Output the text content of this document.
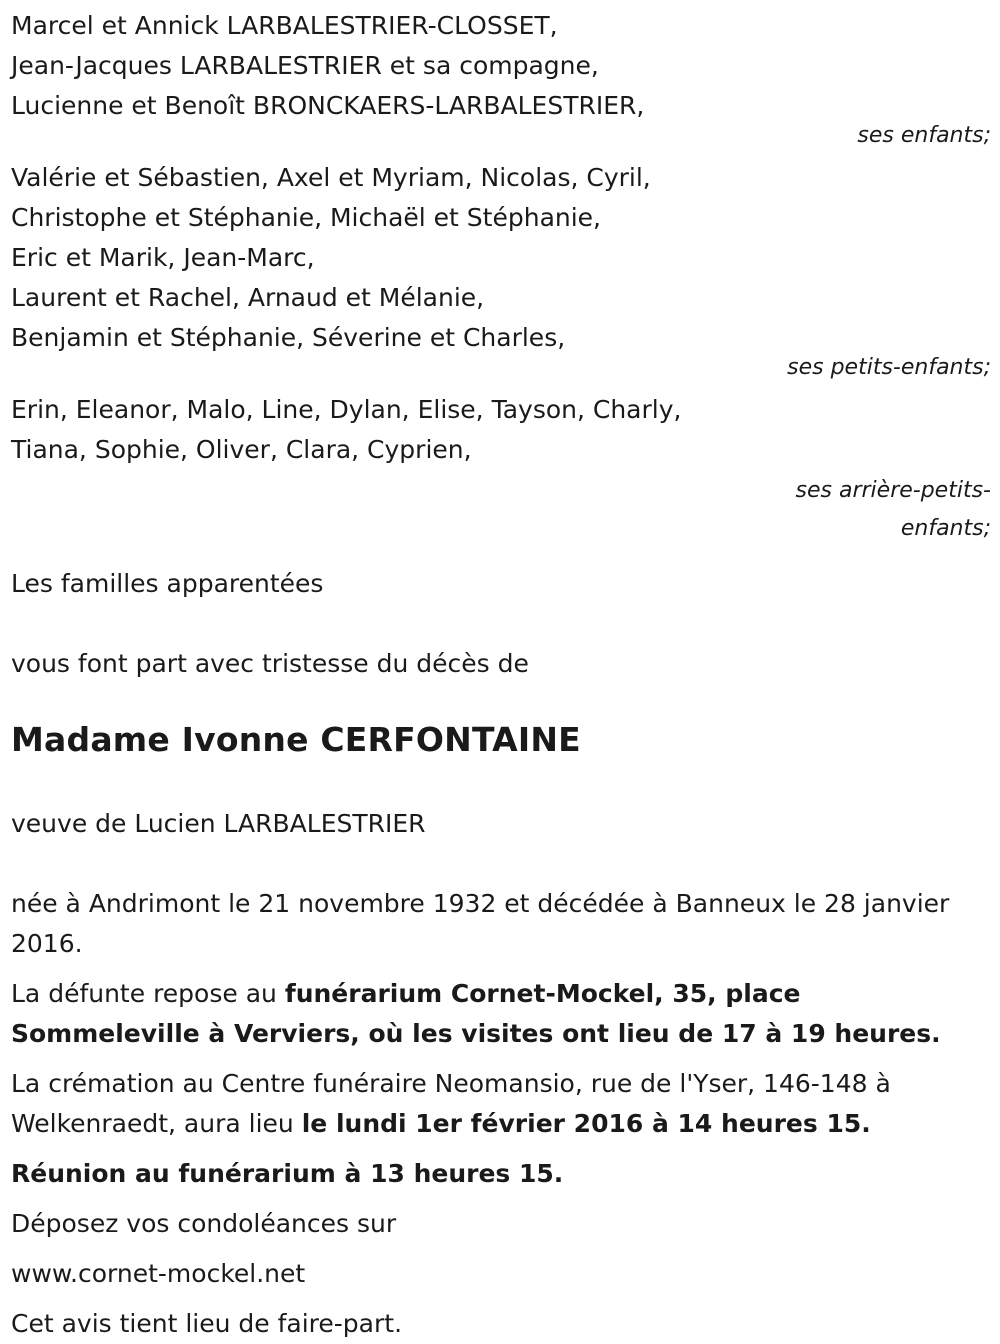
Marcel et Annick LARBALESTRIER-CLOSSET,

Jean-Jacques LARBALESTRIER et sa compagne,

Lucienne et Benoît BRONCKAERS-LARBALESTRIER,

ses enfants;

Valérie et Sébastien, Axel et Myriam, Nicolas, Cyril,

Christophe et Stéphanie, Michaël et Stéphanie,

Eric et Marik, Jean-Marc,

Laurent et Rachel, Arnaud et Mélanie,

Benjamin et Stéphanie, Séverine et Charles,

ses petits-enfants;

Erin, Eleanor, Malo, Line, Dylan, Elise, Tayson, Charly,

Tiana, Sophie, Oliver, Clara, Cyprien,

ses arrière-petits-
enfants;

Les familles apparentées

vous font part avec tristesse du décès de

Madame Ivonne CERFONTAINE

veuve de Lucien LARBALESTRIER

née à Andrimont le 21 novembre 1932 et décédée à Banneux le 28 janvier 2016.

La défunte repose au funérarium Cornet-Mockel, 35, place Sommeleville à Verviers, où les visites ont lieu de 17 à 19 heures.

La crémation au Centre funéraire Neomansio, rue de l'Yser, 146-148 à Welkenraedt, aura lieu le lundi 1er février 2016 à 14 heures 15.

Réunion au funérarium à 13 heures 15.

Déposez vos condoléances sur

www.cornet-mockel.net

Cet avis tient lieu de faire-part.
